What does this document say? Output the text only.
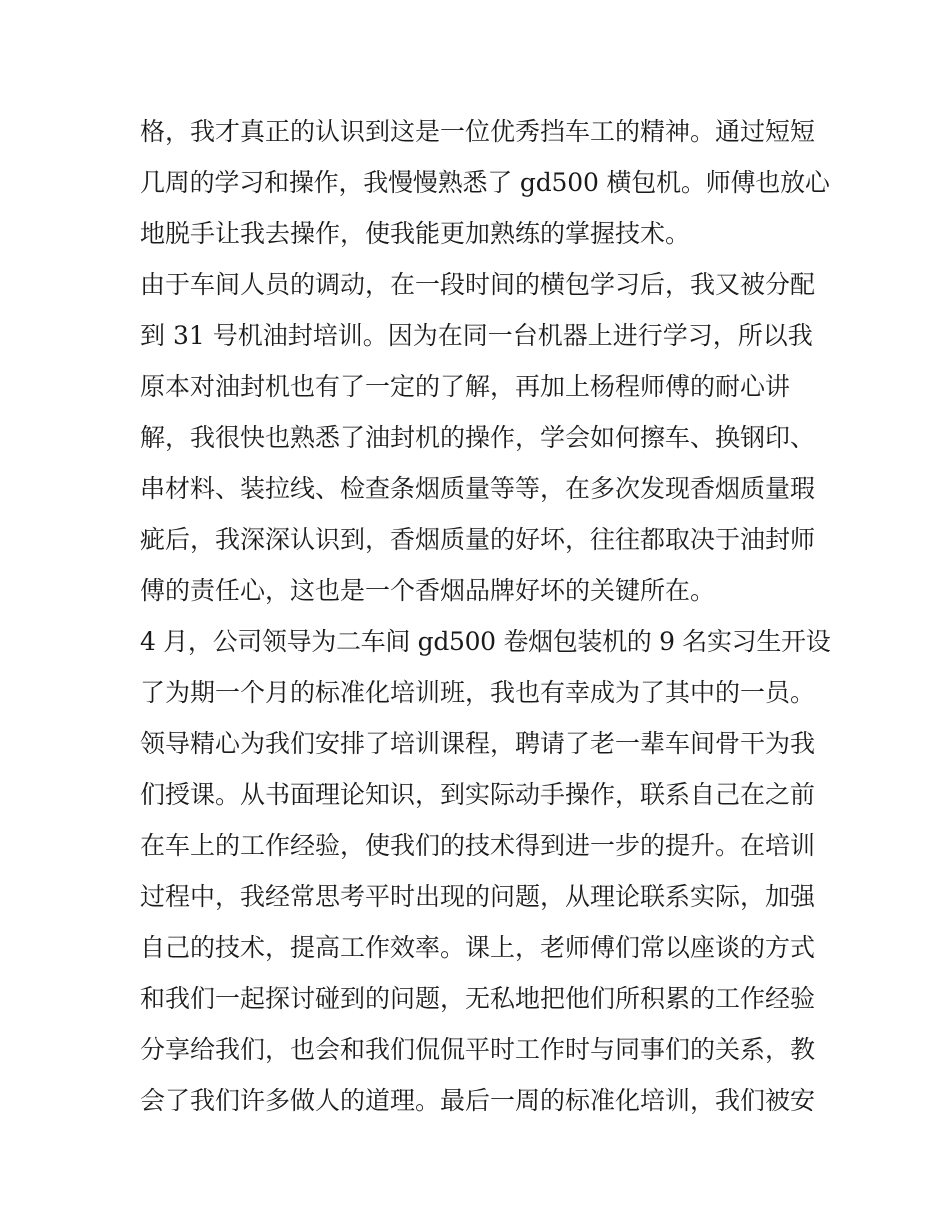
格，我才真正的认识到这是一位优秀挡车工的精神。通过短短
几周的学习和操作，我慢慢熟悉了 gd500 横包机。师傅也放心
地脱手让我去操作，使我能更加熟练的掌握技术。
由于车间人员的调动，在一段时间的横包学习后，我又被分配
到 31 号机油封培训。因为在同一台机器上进行学习，所以我
原本对油封机也有了一定的了解，再加上杨程师傅的耐心讲
解，我很快也熟悉了油封机的操作，学会如何擦车、换钢印、
串材料、装拉线、检查条烟质量等等，在多次发现香烟质量瑕
疵后，我深深认识到，香烟质量的好坏，往往都取决于油封师
傅的责任心，这也是一个香烟品牌好坏的关键所在。
4 月，公司领导为二车间 gd500 卷烟包装机的 9 名实习生开设
了为期一个月的标准化培训班，我也有幸成为了其中的一员。
领导精心为我们安排了培训课程，聘请了老一辈车间骨干为我
们授课。从书面理论知识，到实际动手操作，联系自己在之前
在车上的工作经验，使我们的技术得到进一步的提升。在培训
过程中，我经常思考平时出现的问题，从理论联系实际，加强
自己的技术，提高工作效率。课上，老师傅们常以座谈的方式
和我们一起探讨碰到的问题，无私地把他们所积累的工作经验
分享给我们，也会和我们侃侃平时工作时与同事们的关系，教
会了我们许多做人的道理。最后一周的标准化培训，我们被安
